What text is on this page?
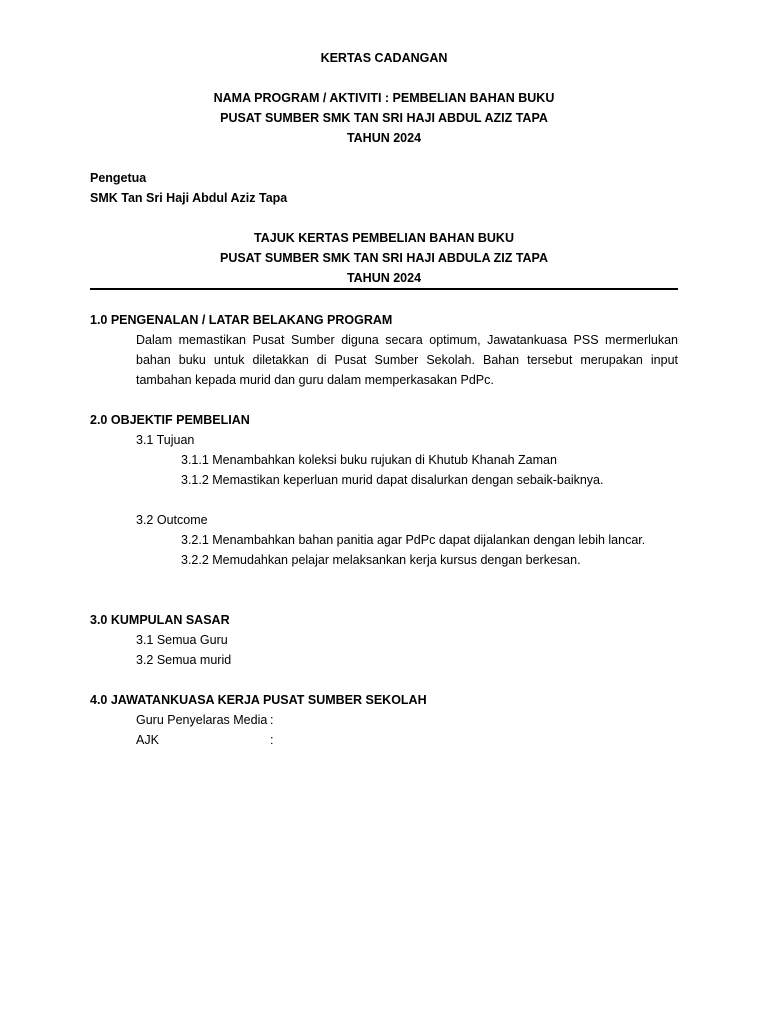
KERTAS CADANGAN
NAMA PROGRAM / AKTIVITI : PEMBELIAN BAHAN BUKU
PUSAT SUMBER SMK TAN SRI HAJI ABDUL AZIZ TAPA
TAHUN 2024
Pengetua
SMK Tan Sri Haji Abdul Aziz Tapa
TAJUK KERTAS PEMBELIAN BAHAN BUKU
PUSAT SUMBER SMK TAN SRI HAJI ABDULA ZIZ TAPA
TAHUN 2024
1.0 PENGENALAN / LATAR BELAKANG PROGRAM
Dalam memastikan Pusat Sumber diguna secara optimum, Jawatankuasa PSS mermerlukan bahan buku untuk diletakkan di Pusat Sumber Sekolah. Bahan tersebut merupakan input tambahan kepada murid dan guru dalam memperkasakan PdPc.
2.0 OBJEKTIF PEMBELIAN
3.1 Tujuan
3.1.1 Menambahkan koleksi buku rujukan di Khutub Khanah Zaman
3.1.2 Memastikan keperluan murid dapat disalurkan dengan sebaik-baiknya.
3.2 Outcome
3.2.1 Menambahkan bahan panitia agar PdPc dapat dijalankan dengan lebih lancar.
3.2.2 Memudahkan pelajar melaksankan kerja kursus dengan berkesan.
3.0 KUMPULAN SASAR
3.1 Semua Guru
3.2 Semua murid
4.0 JAWATANKUASA KERJA PUSAT SUMBER SEKOLAH
Guru Penyelaras Media :
AJK	:
